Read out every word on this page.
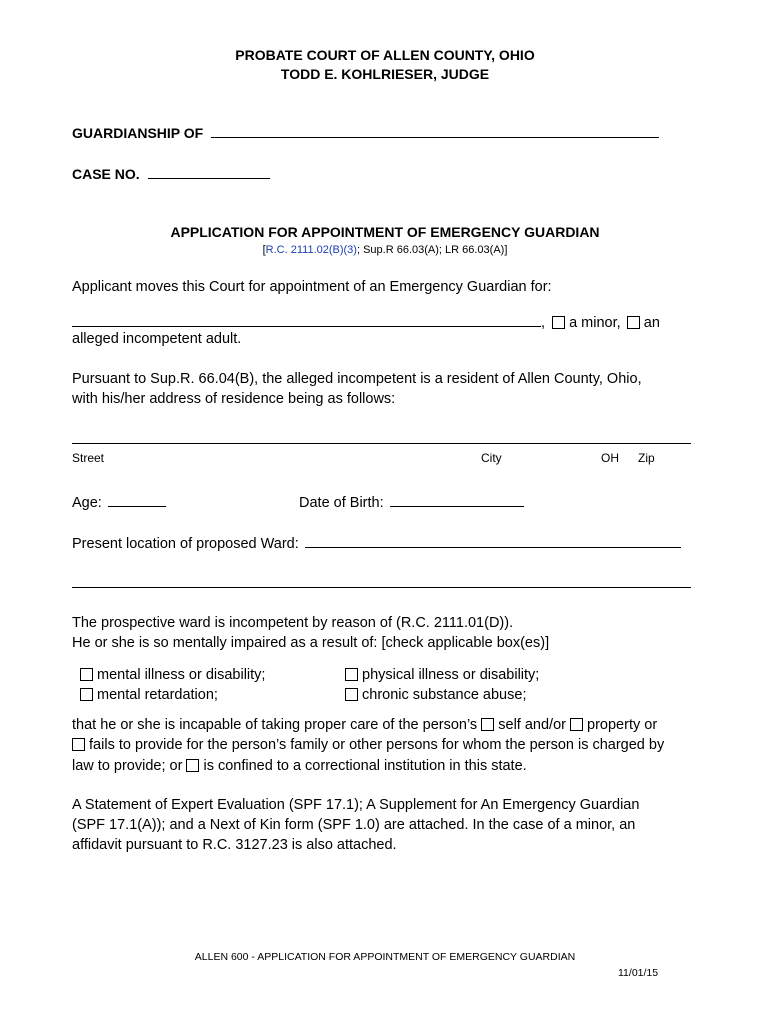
PROBATE COURT OF ALLEN COUNTY, OHIO
TODD E. KOHLRIESER, JUDGE
GUARDIANSHIP OF
CASE NO.
APPLICATION FOR APPOINTMENT OF EMERGENCY GUARDIAN
[R.C. 2111.02(B)(3); Sup.R 66.03(A); LR 66.03(A)]
Applicant moves this Court for appointment of an Emergency Guardian for:
, a minor, an
alleged incompetent adult.
Pursuant to Sup.R. 66.04(B), the alleged incompetent is a resident of Allen County, Ohio,
with his/her address of residence being as follows:
Street	City	OH Zip
Age:	Date of Birth:
Present location of proposed Ward:
The prospective ward is incompetent by reason of (R.C. 2111.01(D)).
He or she is so mentally impaired as a result of: [check applicable box(es)]
mental illness or disability;
mental retardation;
physical illness or disability;
chronic substance abuse;
that he or she is incapable of taking proper care of the person’s self and/or property or
fails to provide for the person’s family or other persons for whom the person is charged by
law to provide; or is confined to a correctional institution in this state.
A Statement of Expert Evaluation (SPF 17.1); A Supplement for An Emergency Guardian
(SPF 17.1(A)); and a Next of Kin form (SPF 1.0) are attached. In the case of a minor, an
affidavit pursuant to R.C. 3127.23 is also attached.
ALLEN 600 - APPLICATION FOR APPOINTMENT OF EMERGENCY GUARDIAN
11/01/15
